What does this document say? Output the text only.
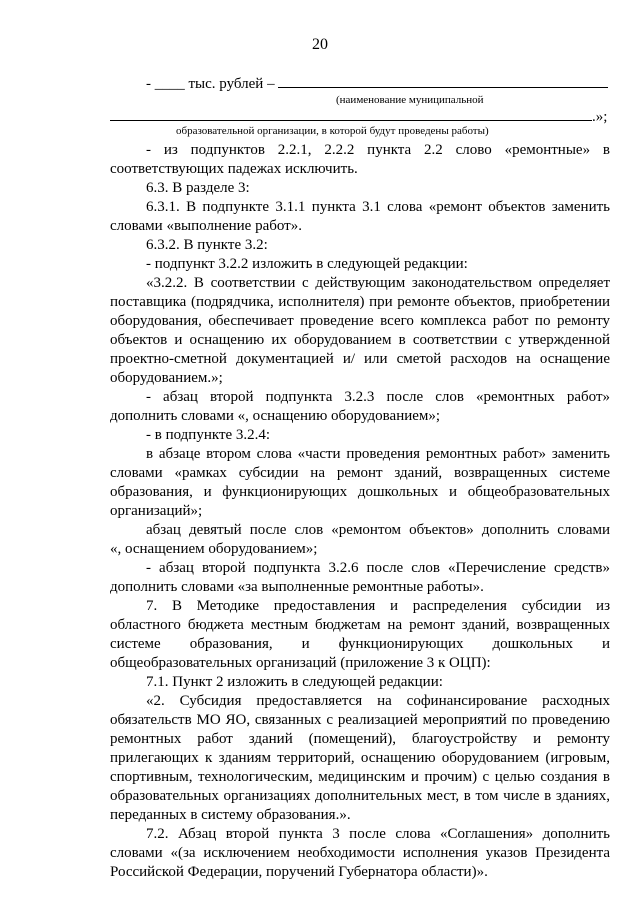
20
- ____ тыс. рублей –
(наименование муниципальной
.»;
образовательной организации, в которой будут проведены работы)
- из подпунктов 2.2.1, 2.2.2 пункта 2.2 слово «ремонтные» в
соответствующих падежах исключить.
6.3. В разделе 3:
6.3.1. В подпункте 3.1.1 пункта 3.1 слова «ремонт объектов заменить
словами «выполнение работ».
6.3.2. В пункте 3.2:
- подпункт 3.2.2 изложить в следующей редакции:
«3.2.2. В соответствии с действующим законодательством определяет
поставщика (подрядчика, исполнителя) при ремонте объектов, приобретении
оборудования, обеспечивает проведение всего комплекса работ по ремонту
объектов и оснащению их оборудованием в соответствии с утвержденной
проектно-сметной документацией и/ или сметой расходов на оснащение
оборудованием.»;
- абзац второй подпункта 3.2.3 после слов «ремонтных работ»
дополнить словами «, оснащению оборудованием»;
- в подпункте 3.2.4:
в абзаце втором слова «части проведения ремонтных работ» заменить
словами «рамках субсидии на ремонт зданий, возвращенных системе
образования, и функционирующих дошкольных и общеобразовательных
организаций»;
абзац девятый после слов «ремонтом объектов» дополнить словами
«, оснащением оборудованием»;
- абзац второй подпункта 3.2.6 после слов «Перечисление средств»
дополнить словами «за выполненные ремонтные работы».
7. В Методике предоставления и распределения субсидии из
областного бюджета местным бюджетам на ремонт зданий, возвращенных
системе образования, и функционирующих дошкольных и
общеобразовательных организаций (приложение 3 к ОЦП):
7.1. Пункт 2 изложить в следующей редакции:
«2. Субсидия предоставляется на софинансирование расходных
обязательств МО ЯО, связанных с реализацией мероприятий по проведению
ремонтных работ зданий (помещений), благоустройству и ремонту
прилегающих к зданиям территорий, оснащению оборудованием (игровым,
спортивным, технологическим, медицинским и прочим) с целью создания в
образовательных организациях дополнительных мест, в том числе в зданиях,
переданных в систему образования.».
7.2. Абзац второй пункта 3 после слова «Соглашения» дополнить
словами «(за исключением необходимости исполнения указов Президента
Российской Федерации, поручений Губернатора области)».
